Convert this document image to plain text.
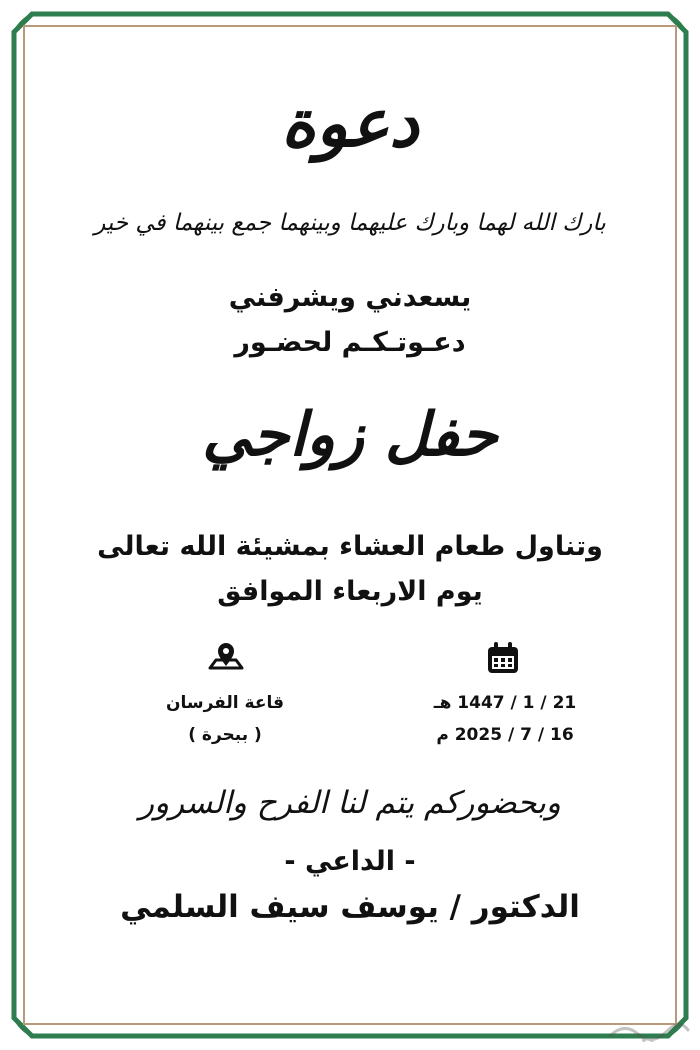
دعوة
بارك الله لهما وبارك عليهما وبينهما جمع بينهما في خير
يسعدني ويشرفني
دعـوتـكـم لحضـور
حفل زواجي
وتناول طعام العشاء بمشيئة الله تعالى
يوم الاربعاء الموافق
21 / 1 / 1447 هـ
16 / 7 / 2025 م
قاعة الفرسان
( ببحرة )
وبحضوركم يتم لنا الفرح والسرور
- الداعي -
الدكتور / يوسف سيف السلمي
